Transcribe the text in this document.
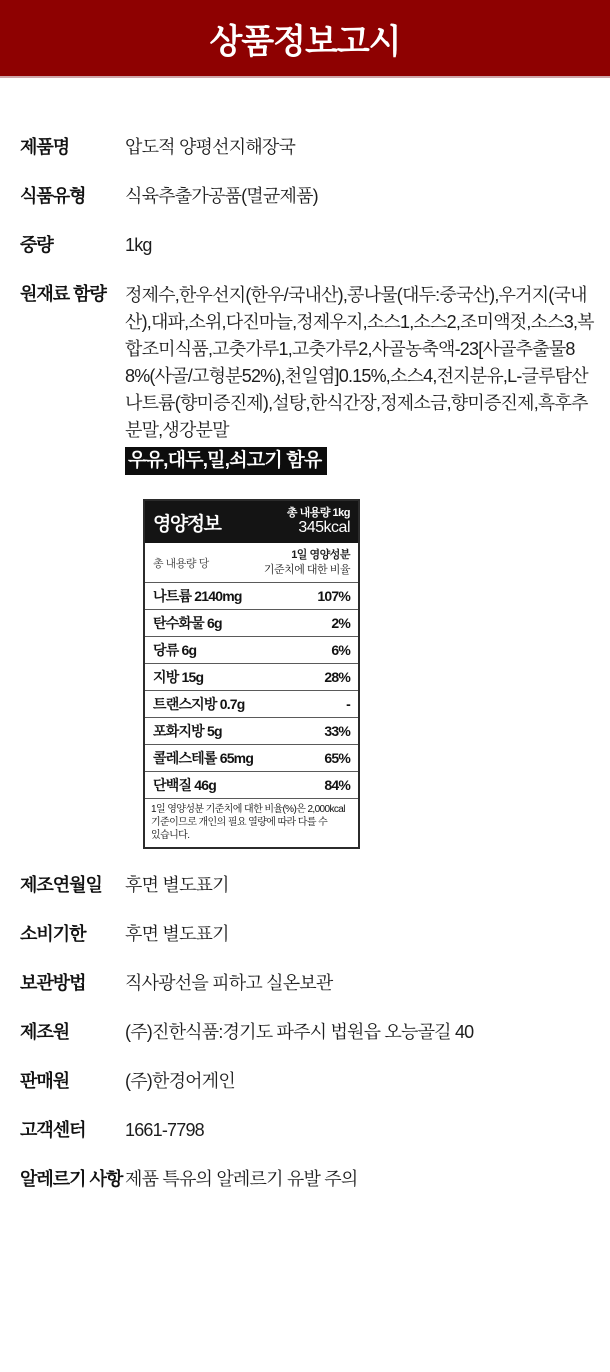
상품정보고시
제품명	압도적 양평선지해장국
식품유형	식육추출가공품(멸균제품)
중량	1kg
원재료 함량	정제수,한우선지(한우/국내산),콩나물(대두:중국산),우거지(국내산),대파,소위,다진마늘,정제우지,소스1,소스2,조미액젓,소스3,복합조미식품,고춧가루1,고춧가루2,사골농축액-23[사골추출물88%(사골/고형분52%),천일염]0.15%,소스4,전지분유,L-글루탐산나트륨(향미증진제),설탕,한식간장,정제소금,향미증진제,흑후추분말,생강분말
우유,대두,밀,쇠고기 함유
영양정보
총 내용량 1kg
345kcal
총 내용량 당
1일 영양성분
기준치에 대한 비율
나트륨 2140mg	107%
탄수화물 6g	2%
당류 6g	6%
지방 15g	28%
트랜스지방 0.7g	-
포화지방 5g	33%
콜레스테롤 65mg	65%
단백질 46g	84%
1일 영양성분 기준치에 대한 비율(%)은 2,000kcal 기준이므로 개인의 필요 열량에 따라 다를 수 있습니다.
제조연월일	후면 별도표기
소비기한	후면 별도표기
보관방법	직사광선을 피하고 실온보관
제조원	(주)진한식품:경기도 파주시 법원읍 오능골길 40
판매원	(주)한경어게인
고객센터	1661-7798
알레르기 사항 제품 특유의 알레르기 유발 주의
